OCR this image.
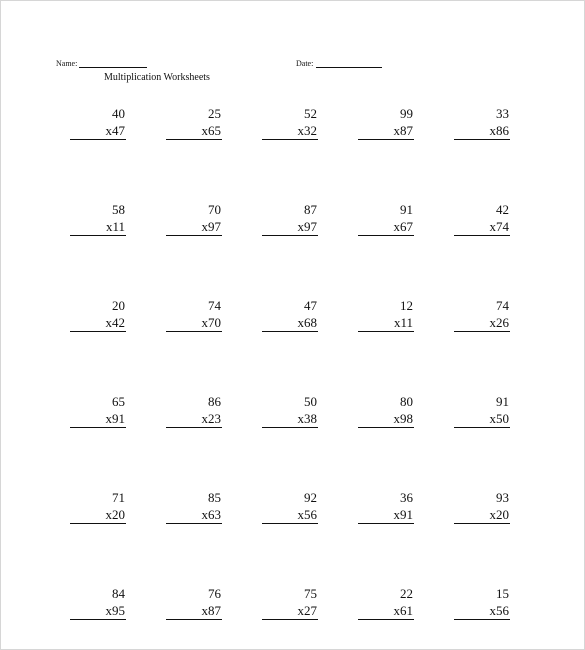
Name:	Date:
Multiplication Worksheets
40
x47
25
x65
52
x32
99
x87
33
x86
58
x11
70
x97
87
x97
91
x67
42
x74
20
x42
74
x70
47
x68
12
x11
74
x26
65
x91
86
x23
50
x38
80
x98
91
x50
71
x20
85
x63
92
x56
36
x91
93
x20
84
x95
76
x87
75
x27
22
x61
15
x56
